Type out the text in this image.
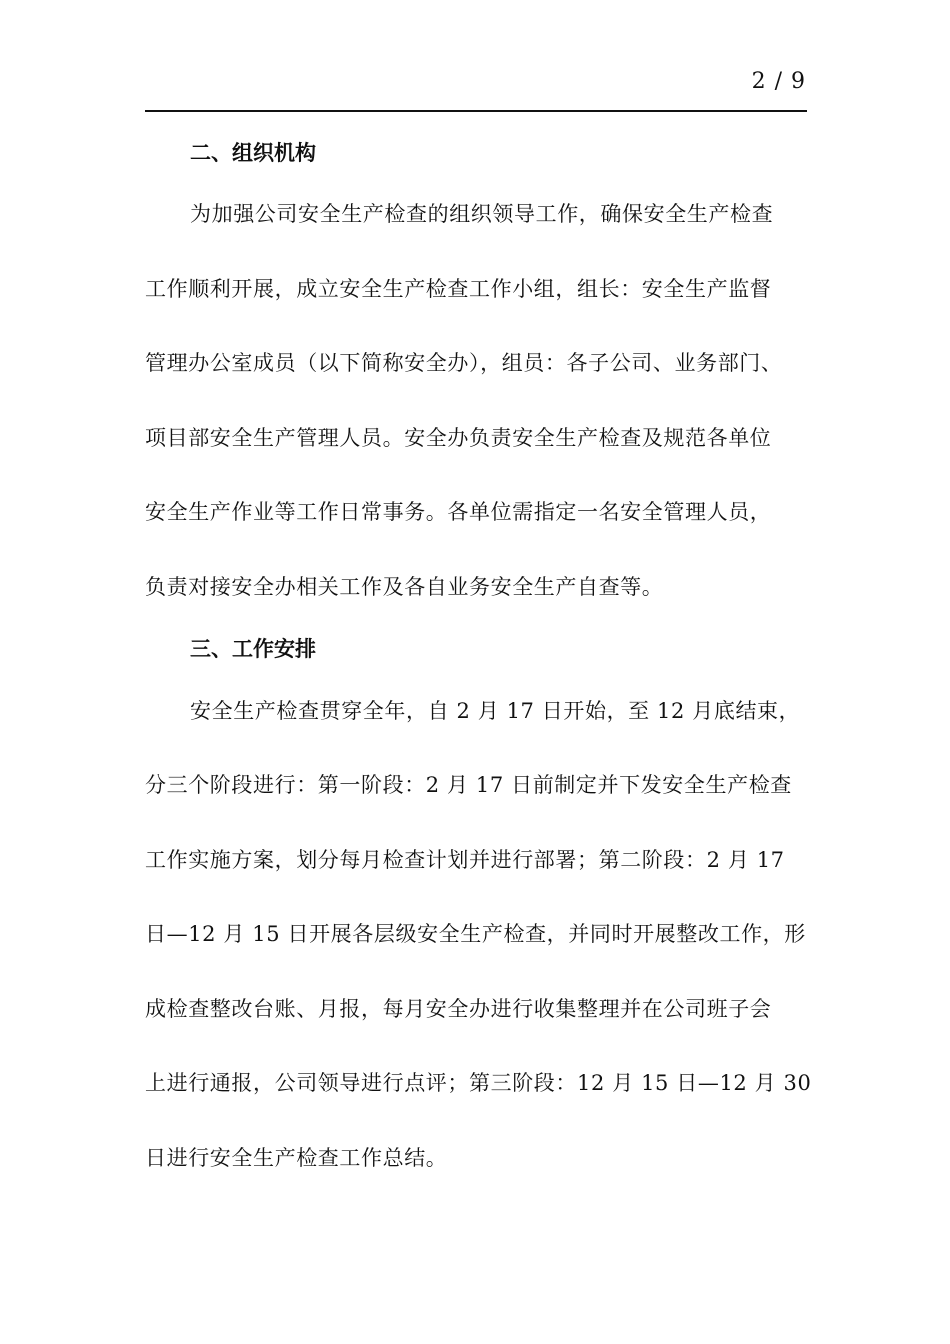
2 / 9
二、组织机构
为加强公司安全生产检查的组织领导工作，确保安全生产检查
工作顺利开展，成立安全生产检查工作小组，组长：安全生产监督
管理办公室成员（以下简称安全办），组员：各子公司、业务部门、
项目部安全生产管理人员。安全办负责安全生产检查及规范各单位
安全生产作业等工作日常事务。各单位需指定一名安全管理人员，
负责对接安全办相关工作及各自业务安全生产自查等。
三、工作安排
安全生产检查贯穿全年，自 2 月 17 日开始，至 12 月底结束，
分三个阶段进行：第一阶段：2 月 17 日前制定并下发安全生产检查
工作实施方案，划分每月检查计划并进行部署；第二阶段：2 月 17
日—12 月 15 日开展各层级安全生产检查，并同时开展整改工作，形
成检查整改台账、月报，每月安全办进行收集整理并在公司班子会
上进行通报，公司领导进行点评；第三阶段：12 月 15 日—12 月 30
日进行安全生产检查工作总结。
